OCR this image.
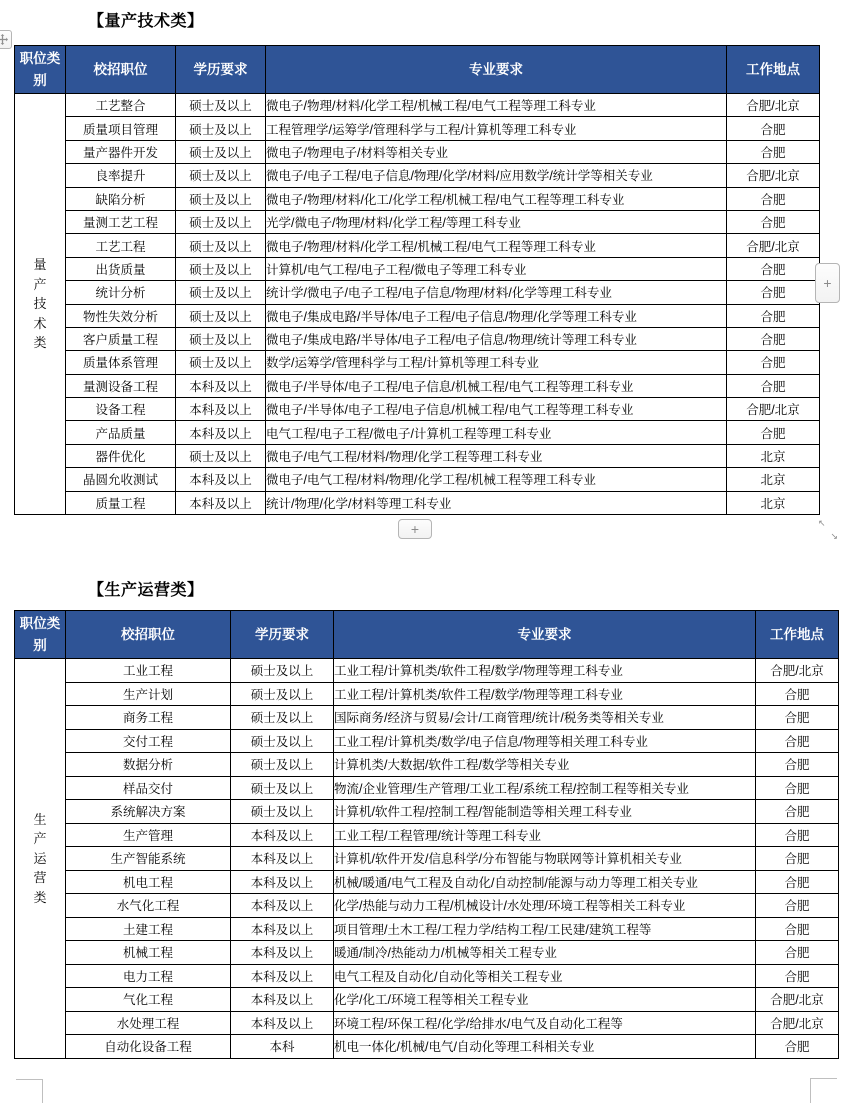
【量产技术类】
职位类别	校招职位	学历要求	专业要求	工作地点

量产技术类	工艺整合	硕士及以上	微电子/物理/材料/化学工程/机械工程/电气工程等理工科专业	合肥/北京
	质量项目管理	硕士及以上	工程管理学/运筹学/管理科学与工程/计算机等理工科专业	合肥
	量产器件开发	硕士及以上	微电子/物理电子/材料等相关专业	合肥
	良率提升	硕士及以上	微电子/电子工程/电子信息/物理/化学/材料/应用数学/统计学等相关专业	合肥/北京
	缺陷分析	硕士及以上	微电子/物理/材料/化工/化学工程/机械工程/电气工程等理工科专业	合肥
	量测工艺工程	硕士及以上	光学/微电子/物理/材料/化学工程/等理工科专业	合肥
	工艺工程	硕士及以上	微电子/物理/材料/化学工程/机械工程/电气工程等理工科专业	合肥/北京
	出货质量	硕士及以上	计算机/电气工程/电子工程/微电子等理工科专业	合肥
	统计分析	硕士及以上	统计学/微电子/电子工程/电子信息/物理/材料/化学等理工科专业	合肥
	物性失效分析	硕士及以上	微电子/集成电路/半导体/电子工程/电子信息/物理/化学等理工科专业	合肥
	客户质量工程	硕士及以上	微电子/集成电路/半导体/电子工程/电子信息/物理/统计等理工科专业	合肥
	质量体系管理	硕士及以上	数学/运筹学/管理科学与工程/计算机等理工科专业	合肥
	量测设备工程	本科及以上	微电子/半导体/电子工程/电子信息/机械工程/电气工程等理工科专业	合肥
	设备工程	本科及以上	微电子/半导体/电子工程/电子信息/机械工程/电气工程等理工科专业	合肥/北京
	产品质量	本科及以上	电气工程/电子工程/微电子/计算机工程等理工科专业	合肥
	器件优化	硕士及以上	微电子/电气工程/材料/物理/化学工程等理工科专业	北京
	晶圆允收测试	本科及以上	微电子/电气工程/材料/物理/化学工程/机械工程等理工科专业	北京
	质量工程	本科及以上	统计/物理/化学/材料等理工科专业	北京
+
+
↖
↘
【生产运营类】
职位类别	校招职位	学历要求	专业要求	工作地点

生产运营类	工业工程	硕士及以上	工业工程/计算机类/软件工程/数学/物理等理工科专业	合肥/北京
	生产计划	硕士及以上	工业工程/计算机类/软件工程/数学/物理等理工科专业	合肥
	商务工程	硕士及以上	国际商务/经济与贸易/会计/工商管理/统计/税务类等相关专业	合肥
	交付工程	硕士及以上	工业工程/计算机类/数学/电子信息/物理等相关理工科专业	合肥
	数据分析	硕士及以上	计算机类/大数据/软件工程/数学等相关专业	合肥
	样品交付	硕士及以上	物流/企业管理/生产管理/工业工程/系统工程/控制工程等相关专业	合肥
	系统解决方案	硕士及以上	计算机/软件工程/控制工程/智能制造等相关理工科专业	合肥
	生产管理	本科及以上	工业工程/工程管理/统计等理工科专业	合肥
	生产智能系统	本科及以上	计算机/软件开发/信息科学/分布智能与物联网等计算机相关专业	合肥
	机电工程	本科及以上	机械/暖通/电气工程及自动化/自动控制/能源与动力等理工相关专业	合肥
	水气化工程	本科及以上	化学/热能与动力工程/机械设计/水处理/环境工程等相关工科专业	合肥
	土建工程	本科及以上	项目管理/土木工程/工程力学/结构工程/工民建/建筑工程等	合肥
	机械工程	本科及以上	暖通/制冷/热能动力/机械等相关工程专业	合肥
	电力工程	本科及以上	电气工程及自动化/自动化等相关工程专业	合肥
	气化工程	本科及以上	化学/化工/环境工程等相关工程专业	合肥/北京
	水处理工程	本科及以上	环境工程/环保工程/化学/给排水/电气及自动化工程等	合肥/北京
	自动化设备工程	本科	机电一体化/机械/电气/自动化等理工科相关专业	合肥
